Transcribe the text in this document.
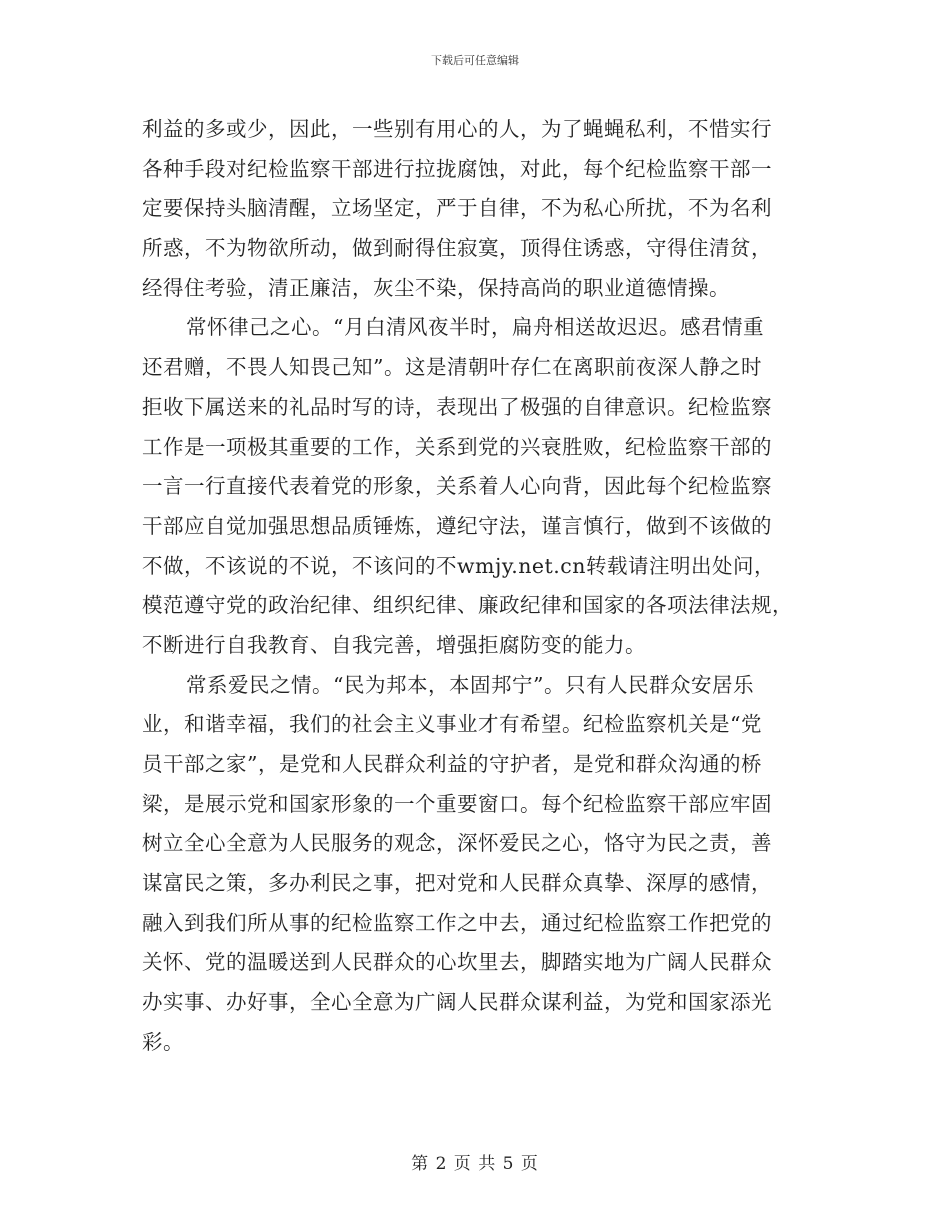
下载后可任意编辑
利益的多或少，因此，一些别有用心的人，为了蝇蝇私利，不惜实行
各种手段对纪检监察干部进行拉拢腐蚀，对此，每个纪检监察干部一
定要保持头脑清醒，立场坚定，严于自律，不为私心所扰，不为名利
所惑，不为物欲所动，做到耐得住寂寞，顶得住诱惑，守得住清贫，
经得住考验，清正廉洁，灰尘不染，保持高尚的职业道德情操。
常怀律己之心。“月白清风夜半时，扁舟相送故迟迟。感君情重
还君赠，不畏人知畏己知”。这是清朝叶存仁在离职前夜深人静之时
拒收下属送来的礼品时写的诗，表现出了极强的自律意识。纪检监察
工作是一项极其重要的工作，关系到党的兴衰胜败，纪检监察干部的
一言一行直接代表着党的形象，关系着人心向背，因此每个纪检监察
干部应自觉加强思想品质锤炼，遵纪守法，谨言慎行，做到不该做的
不做，不该说的不说，不该问的不wmjy.net.cn转载请注明出处问，
模范遵守党的政治纪律、组织纪律、廉政纪律和国家的各项法律法规，
不断进行自我教育、自我完善，增强拒腐防变的能力。
常系爱民之情。“民为邦本，本固邦宁”。只有人民群众安居乐
业，和谐幸福，我们的社会主义事业才有希望。纪检监察机关是“党
员干部之家”，是党和人民群众利益的守护者，是党和群众沟通的桥
梁，是展示党和国家形象的一个重要窗口。每个纪检监察干部应牢固
树立全心全意为人民服务的观念，深怀爱民之心，恪守为民之责，善
谋富民之策，多办利民之事，把对党和人民群众真挚、深厚的感情，
融入到我们所从事的纪检监察工作之中去，通过纪检监察工作把党的
关怀、党的温暖送到人民群众的心坎里去，脚踏实地为广阔人民群众
办实事、办好事，全心全意为广阔人民群众谋利益，为党和国家添光
彩。
第 2 页 共 5 页
